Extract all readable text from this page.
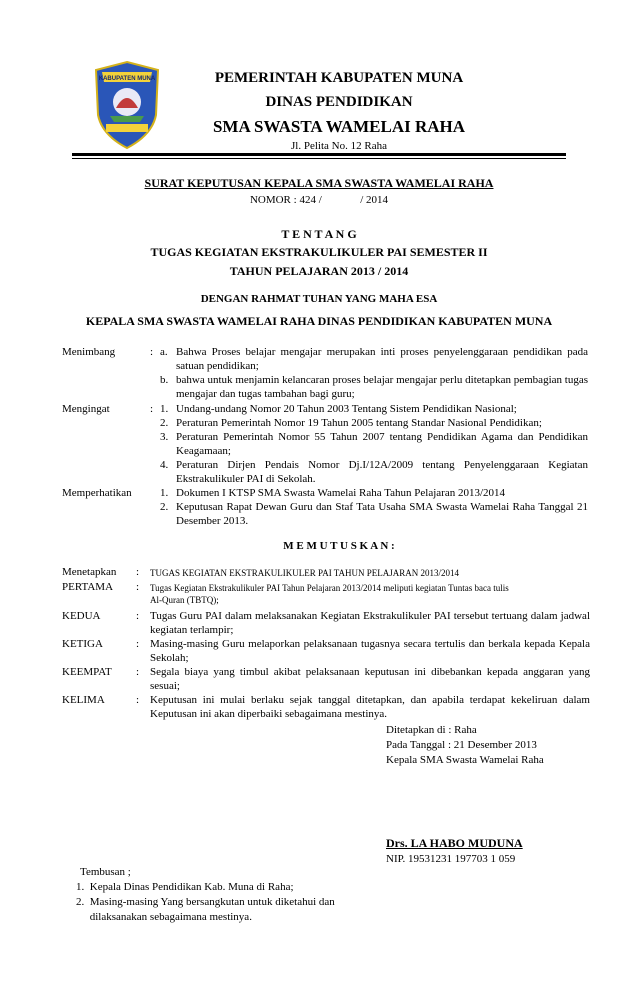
KABUPATEN MUNA	PEMERINTAH KABUPATEN MUNA
DINAS PENDIDIKAN
SMA SWASTA WAMELAI RAHA
Jl. Pelita No. 12 Raha
SURAT KEPUTUSAN KEPALA SMA SWASTA WAMELAI RAHA
NOMOR : 424 /              / 2014
T E N T A N G
TUGAS KEGIATAN EKSTRAKULIKULER PAI SEMESTER II
TAHUN PELAJARAN 2013 / 2014
DENGAN RAHMAT TUHAN YANG MAHA ESA
KEPALA SMA SWASTA WAMELAI RAHA DINAS PENDIDIKAN KABUPATEN MUNA
Menimbang	: a. Bahwa Proses belajar mengajar merupakan inti proses penyelenggaraan pendidikan pada satuan pendidikan;
b. bahwa untuk menjamin kelancaran proses belajar mengajar perlu ditetapkan pembagian tugas mengajar dan tugas tambahan bagi guru;
Mengingat	: 1. Undang-undang Nomor 20 Tahun 2003 Tentang Sistem Pendidikan Nasional;
2. Peraturan Pemerintah Nomor 19 Tahun 2005 tentang Standar Nasional Pendidikan;
3. Peraturan Pemerintah Nomor 55 Tahun 2007 tentang Pendidikan Agama dan Pendidikan Keagamaan;
4. Peraturan Dirjen Pendais Nomor Dj.I/12A/2009 tentang Penyelenggaraan Kegiatan Ekstrakulikuler PAI di Sekolah.
Memperhatikan	1. Dokumen I KTSP SMA Swasta Wamelai Raha Tahun Pelajaran 2013/2014
2. Keputusan Rapat Dewan Guru dan Staf Tata Usaha SMA Swasta Wamelai Raha Tanggal 21 Desember 2013.
M E M U T U S K A N :
Menetapkan : TUGAS KEGIATAN EKSTRAKULIKULER PAI TAHUN PELAJARAN 2013/2014
PERTAMA : Tugas Kegiatan Ekstrakulikuler PAI Tahun Pelajaran 2013/2014 meliputi kegiatan Tuntas baca tulis Al-Quran (TBTQ);
KEDUA	: Tugas Guru PAI dalam melaksanakan Kegiatan Ekstrakulikuler PAI tersebut tertuang dalam jadwal kegiatan terlampir;
KETIGA	: Masing-masing Guru melaporkan pelaksanaan tugasnya secara tertulis dan berkala kepada Kepala Sekolah;
KEEMPAT : Segala biaya yang timbul akibat pelaksanaan keputusan ini dibebankan kepada anggaran yang sesuai;
KELIMA	: Keputusan ini mulai berlaku sejak tanggal ditetapkan, dan apabila terdapat kekeliruan dalam Keputusan ini akan diperbaiki sebagaimana mestinya.
Ditetapkan di : Raha
Pada Tanggal : 21 Desember 2013
Kepala SMA Swasta Wamelai Raha
Drs. LA HABO MUDUNA
NIP. 19531231 197703 1 059
Tembusan ;
1.  Kepala Dinas Pendidikan Kab. Muna di Raha;
2.  Masing-masing Yang bersangkutan untuk diketahui dan
dilaksanakan sebagaimana mestinya.
